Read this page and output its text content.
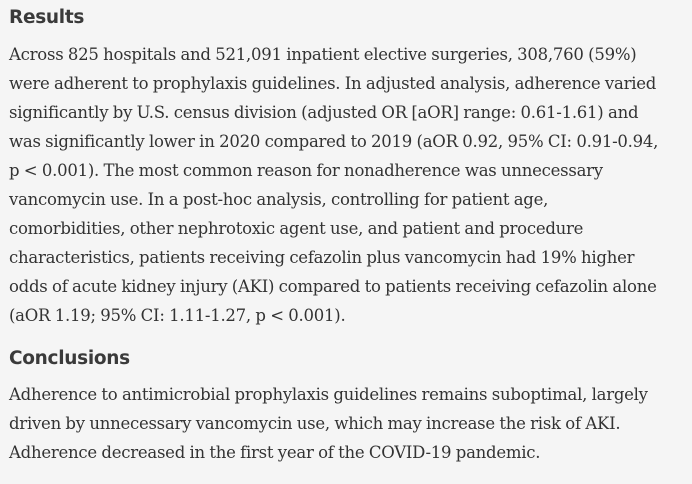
Results

Across 825 hospitals and 521,091 inpatient elective surgeries, 308,760 (59%)
were adherent to prophylaxis guidelines. In adjusted analysis, adherence varied
significantly by U.S. census division (adjusted OR [aOR] range: 0.61-1.61) and
was significantly lower in 2020 compared to 2019 (aOR 0.92, 95% CI: 0.91-0.94,
p < 0.001). The most common reason for nonadherence was unnecessary
vancomycin use. In a post-hoc analysis, controlling for patient age,
comorbidities, other nephrotoxic agent use, and patient and procedure
characteristics, patients receiving cefazolin plus vancomycin had 19% higher
odds of acute kidney injury (AKI) compared to patients receiving cefazolin alone
(aOR 1.19; 95% CI: 1.11-1.27, p < 0.001).

Conclusions

Adherence to antimicrobial prophylaxis guidelines remains suboptimal, largely
driven by unnecessary vancomycin use, which may increase the risk of AKI.
Adherence decreased in the first year of the COVID-19 pandemic.
